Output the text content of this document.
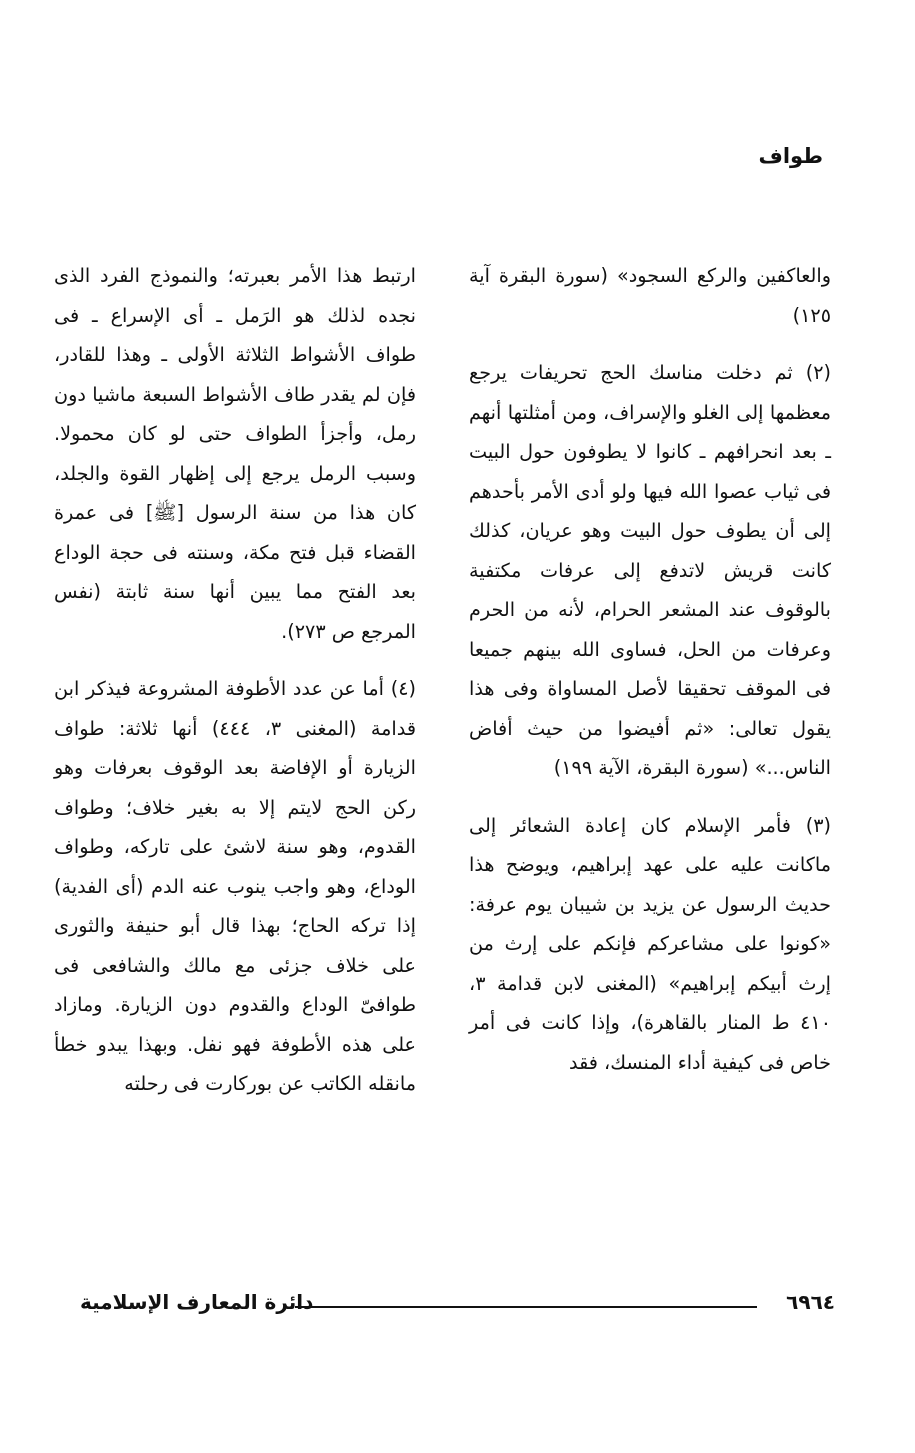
طواف

والعاكفين والركع السجود» (سورة البقرة آية ١٢٥)

(٢) ثم دخلت مناسك الحج تحريفات يرجع معظمها إلى الغلو والإسراف، ومن أمثلتها أنهم ـ بعد انحرافهم ـ كانوا لا يطوفون حول البيت فى ثياب عصوا الله فيها ولو أدى الأمر بأحدهم إلى أن يطوف حول البيت وهو عريان، كذلك كانت قريش لاتدفع إلى عرفات مكتفية بالوقوف عند المشعر الحرام، لأنه من الحرم وعرفات من الحل، فساوى الله بينهم جميعا فى الموقف تحقيقا لأصل المساواة وفى هذا يقول تعالى: «ثم أفيضوا من حيث أفاض الناس...» (سورة البقرة، الآية ١٩٩)

(٣) فأمر الإسلام كان إعادة الشعائر إلى ماكانت عليه على عهد إبراهيم، ويوضح هذا حديث الرسول عن يزيد بن شيبان يوم عرفة: «كونوا على مشاعركم فإنكم على إرث من إرث أبيكم إبراهيم» (المغنى لابن قدامة ٣، ٤١٠ ط المنار بالقاهرة)، وإذا كانت فى أمر خاص فى كيفية أداء المنسك، فقد

ارتبط هذا الأمر بعبرته؛ والنموذج الفرد الذى نجده لذلك هو الرَمل ـ أى الإسراع ـ فى طواف الأشواط الثلاثة الأولى ـ وهذا للقادر، فإن لم يقدر طاف الأشواط السبعة ماشيا دون رمل، وأجزأ الطواف حتى لو كان محمولا. وسبب الرمل يرجع إلى إظهار القوة والجلد، كان هذا من سنة الرسول [ﷺ] فى عمرة القضاء قبل فتح مكة، وسنته فى حجة الوداع بعد الفتح مما يبين أنها سنة ثابتة (نفس المرجع ص ٢٧٣).

(٤) أما عن عدد الأطوفة المشروعة فيذكر ابن قدامة (المغنى ٣، ٤٤٤) أنها ثلاثة: طواف الزيارة أو الإفاضة بعد الوقوف بعرفات وهو ركن الحج لايتم إلا به بغير خلاف؛ وطواف القدوم، وهو سنة لاشئ على تاركه، وطواف الوداع، وهو واجب ينوب عنه الدم (أى الفدية) إذا تركه الحاج؛ بهذا قال أبو حنيفة والثورى على خلاف جزئى مع مالك والشافعى فى طوافىّ الوداع والقدوم دون الزيارة. ومازاد على هذه الأطوفة فهو نفل. وبهذا يبدو خطأ مانقله الكاتب عن بوركارت فى رحلته

٦٩٦٤
دائرة المعارف الإسلامية
